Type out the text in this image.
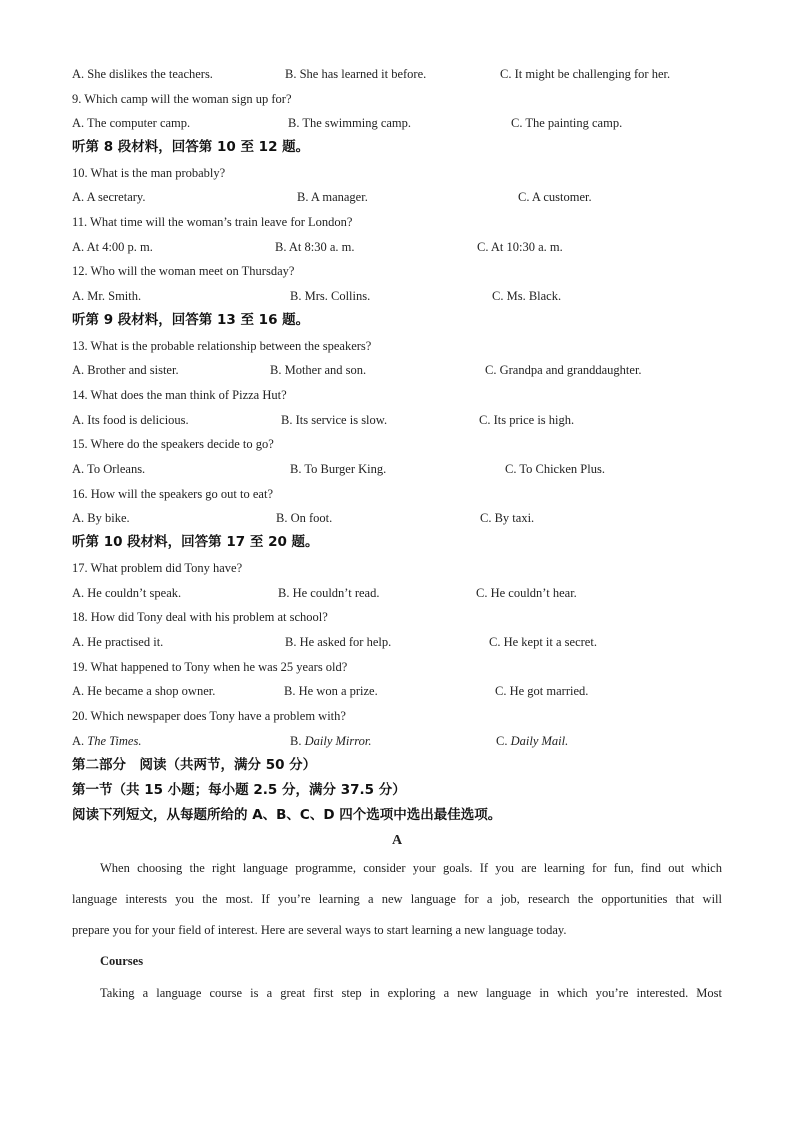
A. She dislikes the teachers.	B. She has learned it before.	C. It might be challenging for her.
9. Which camp will the woman sign up for?
A. The computer camp.	B. The swimming camp.	C. The painting camp.
听第 8 段材料，回答第 10 至 12 题。
10. What is the man probably?
A. A secretary.	B. A manager.	C. A customer.
11. What time will the woman’s train leave for London?
A. At 4:00 p. m.	B. At 8:30 a. m.	C. At 10:30 a. m.
12. Who will the woman meet on Thursday?
A. Mr. Smith.	B. Mrs. Collins.	C. Ms. Black.
听第 9 段材料，回答第 13 至 16 题。
13. What is the probable relationship between the speakers?
A. Brother and sister.	B. Mother and son.	C. Grandpa and granddaughter.
14. What does the man think of Pizza Hut?
A. Its food is delicious.	B. Its service is slow.	C. Its price is high.
15. Where do the speakers decide to go?
A. To Orleans.	B. To Burger King.	C. To Chicken Plus.
16. How will the speakers go out to eat?
A. By bike.	B. On foot.	C. By taxi.
听第 10 段材料，回答第 17 至 20 题。
17. What problem did Tony have?
A. He couldn’t speak.	B. He couldn’t read.	C. He couldn’t hear.
18. How did Tony deal with his problem at school?
A. He practised it.	B. He asked for help.	C. He kept it a secret.
19. What happened to Tony when he was 25 years old?
A. He became a shop owner.	B. He won a prize.	C. He got married.
20. Which newspaper does Tony have a problem with?
A. The Times.	B. Daily Mirror.	C. Daily Mail.
第二部分　阅读（共两节，满分 50 分）
第一节（共 15 小题；每小题 2.5 分，满分 37.5 分）
阅读下列短文，从每题所给的 A、B、C、D 四个选项中选出最佳选项。
A
When choosing the right language programme, consider your goals. If you are learning for fun, find out which
language interests you the most. If you’re learning a new language for a job, research the opportunities that will
prepare you for your field of interest. Here are several ways to start learning a new language today.
Courses
Taking a language course is a great first step in exploring a new language in which you’re interested. Most
